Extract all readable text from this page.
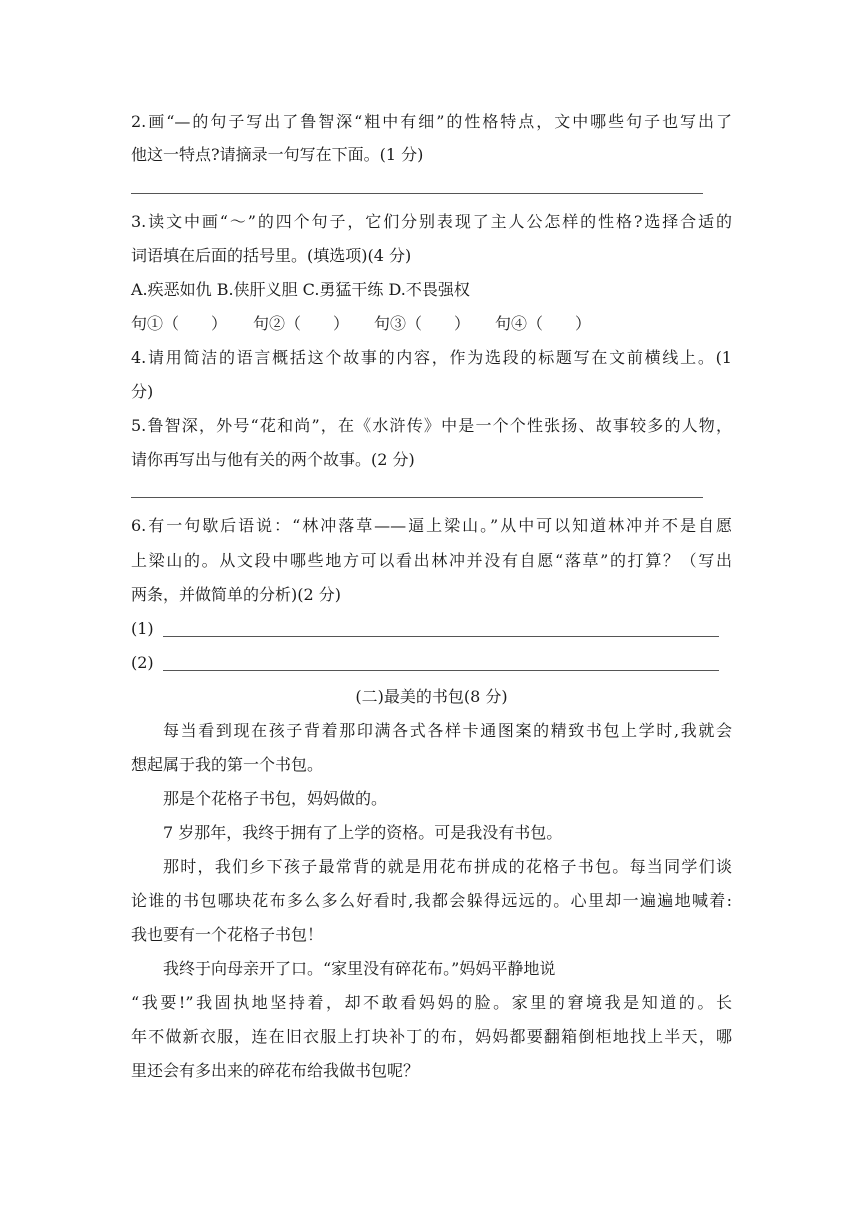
2.画“—的句子写出了鲁智深“粗中有细”的性格特点，文中哪些句子也写出了
他这一特点?请摘录一句写在下面。(1 分)
3.读文中画“～”的四个句子，它们分别表现了主人公怎样的性格?选择合适的
词语填在后面的括号里。(填选项)(4 分)
A.疾恶如仇 B.侠肝义胆 C.勇猛干练 D.不畏强权
句①（　　） 句②（　　） 句③（　　） 句④（　　）
4.请用简洁的语言概括这个故事的内容，作为选段的标题写在文前横线上。(1
分)
5.鲁智深，外号“花和尚”，在《水浒传》中是一个个性张扬、故事较多的人物，
请你再写出与他有关的两个故事。(2 分)
6.有一句歇后语说：“林冲落草——逼上梁山。”从中可以知道林冲并不是自愿
上梁山的。从文段中哪些地方可以看出林冲并没有自愿“落草”的打算？（写出
两条，并做简单的分析)(2 分)
(1)
(2)
(二)最美的书包(8 分)
每当看到现在孩子背着那印满各式各样卡通图案的精致书包上学时,我就会
想起属于我的第一个书包。
那是个花格子书包，妈妈做的。
7 岁那年，我终于拥有了上学的资格。可是我没有书包。
那时，我们乡下孩子最常背的就是用花布拼成的花格子书包。每当同学们谈
论谁的书包哪块花布多么多么好看时,我都会躲得远远的。心里却一遍遍地喊着:
我也要有一个花格子书包！
我终于向母亲开了口。“家里没有碎花布。”妈妈平静地说
“我要!”我固执地坚持着，却不敢看妈妈的脸。家里的窘境我是知道的。长
年不做新衣服，连在旧衣服上打块补丁的布，妈妈都要翻箱倒柜地找上半天，哪
里还会有多出来的碎花布给我做书包呢？
